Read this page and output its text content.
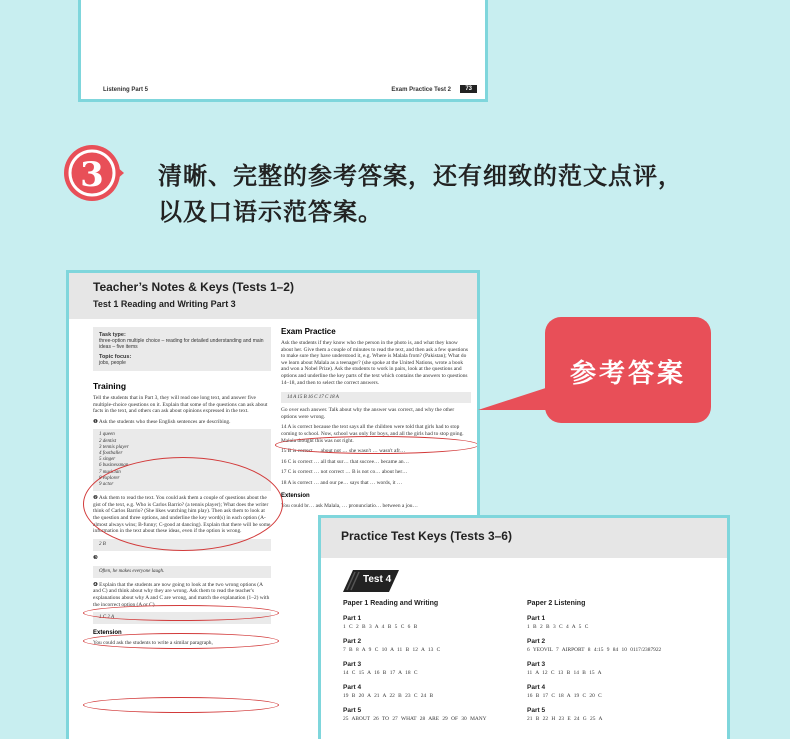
Listening Part 5	Exam Practice Test 2	73
3 清晰、完整的参考答案，还有细致的范文点评，
以及口语示范答案。
Teacher’s Notes & Keys (Tests 1–2)
Test 1 Reading and Writing Part 3
Task type:
three-option multiple choice – reading for detailed understanding and main ideas – five items
Topic focus:
jobs, people
Training
Tell the students that in Part 3, they will read one long text, and answer five multiple-choice questions on it. Explain that some of the questions can ask about facts in the text, and others can ask about opinions expressed in the text.
❶ Ask the students who these English sentences are describing.
1 queen
2 dentist
3 tennis player
4 footballer
5 singer
6 businessman
7 musician
8 explorer
9 actor
❷ Ask them to read the text. You could ask them a couple of questions about the gist of the text, e.g. Who is Carlos Barrio? (a tennis player); What does the writer think of Carlos Barrio? (She likes watching him play). Then ask them to look at the question and three options, and underline the key word(s) in each option (A-almost always wins; B-funny; C-good at dancing). Explain that there will be some information in the text about these ideas, even if the option is wrong.
2 B
❸
Often, he makes everyone laugh.
❹ Explain that the students are now going to look at the two wrong options (A and C) and think about why they are wrong. Ask them to read the teacher's explanations about why A and C are wrong, and match the explanation (1–2) with the incorrect option (A or C).
1 C 2 A
Extension
You could ask the students to write a similar paragraph,
Exam Practice
Ask the students if they know who the person in the photo is, and what they know about her. Give them a couple of minutes to read the text, and then ask a few questions to make sure they have understood it, e.g. Where is Malala from? (Pakistan); What do we learn about Malala as a teenager? (she spoke at the United Nations, wrote a book and won a Nobel Prize). Ask the students to work in pairs, look at the questions and options and underline the key parts of the text which contains the answers to questions 14–18, and then to select the correct answers.
14 A 15 B 16 C 17 C 18 A
Go over each answer. Talk about why the answer was correct, and why the other options were wrong.
14 A is correct because the text says all the children were told that girls had to stop coming to school. Now, school was only for boys, and all the girls had to stop going. Malala thought this was not right.
15 B is correct … about not … she wasn't … wasn't afr…
16 C is correct … all that sur… that succee… became an…
17 C is correct … not correct … B is not co… about her…
18 A is correct … and our pe… says that … words, it …
Extension
You could br… ask Malala, … pronunciatio… between a jou…
参考答案
Practice Test Keys (Tests 3–6)
Test 4
Paper 1 Reading and Writing
Part 1
1 C 2 B 3 A 4 B 5 C 6 B
Part 2
7 B 8 A 9 C 10 A 11 B 12 A 13 C
Part 3
14 C 15 A 16 B 17 A 18 C
Part 4
19 B 20 A 21 A 22 B 23 C 24 B
Part 5
25 ABOUT 26 TO 27 WHAT 28 ARE 29 OF 30 MANY
Paper 2 Listening
Part 1
1 B 2 B 3 C 4 A 5 C
Part 2
6 YEOVIL 7 AIRPORT 8 4:15 9 84 10 0117/2387922
Part 3
11 A 12 C 13 B 14 B 15 A
Part 4
16 B 17 C 18 A 19 C 20 C
Part 5
21 B 22 H 23 E 24 G 25 A
